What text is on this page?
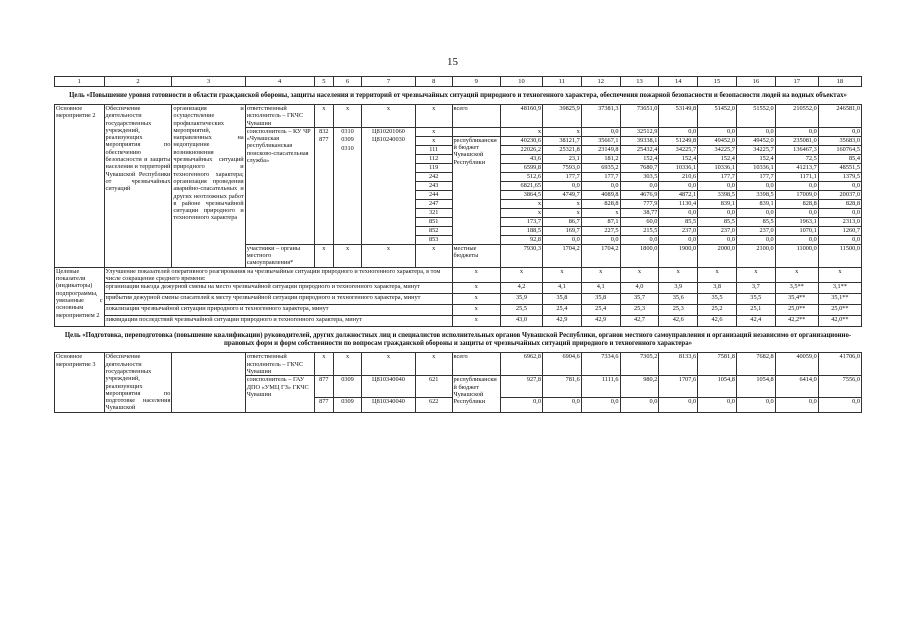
15
1	2	3	4	5	6	7	8	9	10	11	12	13	14	15	16	17	18
Цель «Повышение уровня готовности в области гражданской обороны, защиты населения и территорий от чрезвычайных ситуаций природного и техногенного характера, обеспечения пожарной безопасности и безопасности людей на водных объектах»																	
Основное мероприятие 2	Обеспечение деятельности государственных учреждений, реализующих мероприятия по обеспечению безопасности и защиты населения и территорий Чувашской Республики от чрезвычайных ситуаций	организация и осуществление профилактических мероприятий, направленных на недопущение возникновения чрезвычайных ситуаций природного и техногенного характера; организация проведения аварийно-спасательных и других неотложных работ в районе чрезвычайной ситуации природного и техногенного характера	ответственный исполнитель – ГКЧС Чувашии	x	x	x	x	всего	48160,9	39825,9	37381,3	73651,0	53149,8	51452,0	51552,0	210552,0	246581,0
			соисполнитель – КУ ЧР «Чувашская республиканская поисково-спасательная служба»	832	0310	Ц810201060	x		x	x	0,0	32512,9	0,0	0,0	0,0	0,0	0,0
				877	0309	Ц810240030	x	республиканский бюджет Чувашской Республики	40230,6	38121,7	35667,1	39338,1	51249,8	49452,0	49452,0	235081,0	35683,0
					0310		111		22026,2	25321,8	23149,8	25432,4	34225,7	34225,7	34225,7	136467,3	160764,5
							112		43,6	23,1	181,2	152,4	152,4	152,4	152,4	72,5	85,4
							119		6599,8	7593,0	6935,2	7680,7	10336,1	10336,1	10336,1	41213,7	48551,5
							242		512,6	177,7	177,7	303,5	210,6	177,7	177,7	1171,1	1379,5
							243		6821,65	0,0	0,0	0,0	0,0	0,0	0,0	0,0	0,0
							244		3864,5	4749,7	4089,8	4676,9	4872,1	3398,5	3398,5	17009,0	20037,0
							247		x	x	828,8	777,9	1130,4	839,1	839,1	828,8	828,8
							321		x	x	x	38,77	0,0	0,0	0,0	0,0	0,0
							851		173,7	86,7	87,1	60,0	85,5	85,5	85,5	1963,1	2313,0
							852		188,5	169,7	227,5	215,5	237,0	237,0	237,0	1070,1	1260,7
							853		92,8	0,0	0,0	0,0	0,0	0,0	0,0	0,0	0,0
			участники – органы местного самоуправления*	x	x	x	x	местные бюджеты	7930,3	1704,2	1704,2	1800,0	1900,0	2000,0	2100,0	11000,0	11500,0
Целевые показатели (индикаторы) подпрограммы, увязанные с основным мероприятием 2	Улучшение показателей оперативного реагирования на чрезвычайные ситуации природного и техногенного характера, в том числе сокращение среднего времени:							x	x	x	x	x	x	x	x	x	x
	организации выезда дежурной смены на место чрезвычайной ситуации природного и техногенного характера, минут							x	4,2	4,1	4,1	4,0	3,9	3,8	3,7	3,5**	3,1**
	прибытия дежурной смены спасателей к месту чрезвычайной ситуации природного и техногенного характера, минут							x	35,9	35,8	35,8	35,7	35,6	35,5	35,5	35,4**	35,1**
	локализации чрезвычайной ситуации природного и техногенного характера, минут							x	25,5	25,4	25,4	25,3	25,3	25,2	25,1	25,0**	25,0**
	ликвидации последствий чрезвычайной ситуации природного и техногенного характера, минут							x	43,0	42,9	42,9	42,7	42,6	42,6	42,4	42,2**	42,0**
Цель «Подготовка, переподготовка (повышение квалификации) руководителей, других должностных лиц и специалистов исполнительных органов Чувашской Республики, органов местного самоуправления и организаций независимо от организационно-правовых форм и форм собственности по вопросам гражданской обороны и защиты от чрезвычайных ситуаций природного и техногенного характера»																	
Основное мероприятие 3	Обеспечение деятельности государственных учреждений, реализующих мероприятия по подготовке населения Чувашской		ответственный исполнитель – ГКЧС Чувашии	x	x	x	x	всего	6962,8	6904,6	7334,6	7305,2	8133,6	7581,8	7682,8	40059,0	41706,0
			соисполнитель – ГАУ ДПО «УМЦ ГЗ» ГКЧС Чувашии	877	0309	Ц810340040	621	республиканский бюджет Чувашской Республики	927,8	781,6	1111,6	980,2	1707,6	1054,8	1054,8	6414,0	7556,0
				877	0309	Ц810340040	622		0,0	0,0	0,0	0,0	0,0	0,0	0,0	0,0	0,0
